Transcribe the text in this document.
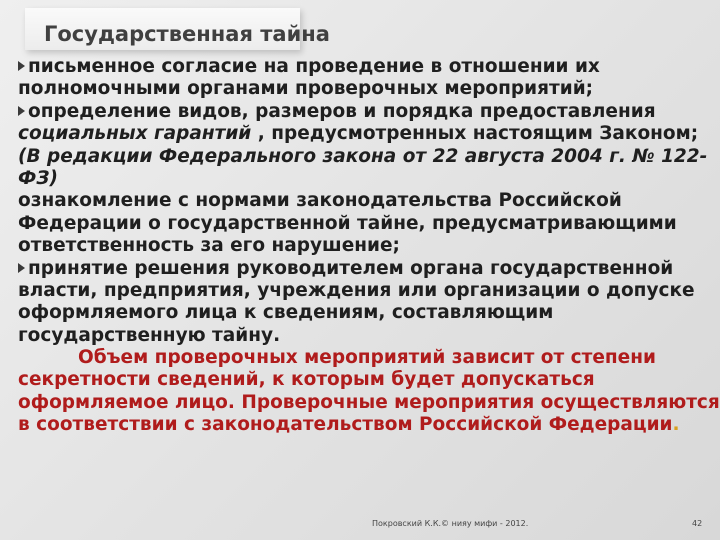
Государственная тайна
письменное согласие на проведение в отношении их
полномочными органами проверочных мероприятий;
определение видов, размеров и порядка предоставления
социальных гарантий , предусмотренных настоящим Законом;
(В редакции Федерального закона от 22 августа 2004 г. № 122-
ФЗ)
ознакомление с нормами законодательства Российской
Федерации о государственной тайне, предусматривающими
ответственность за его нарушение;
принятие решения руководителем органа государственной
власти, предприятия, учреждения или организации о допуске
оформляемого лица к сведениям, составляющим
государственную тайну.
Объем проверочных мероприятий зависит от степени
секретности сведений, к которым будет допускаться
оформляемое лицо. Проверочные мероприятия осуществляются
в соответствии с законодательством Российской Федерации.
Покровский К.К.© нияу мифи - 2012.	42
